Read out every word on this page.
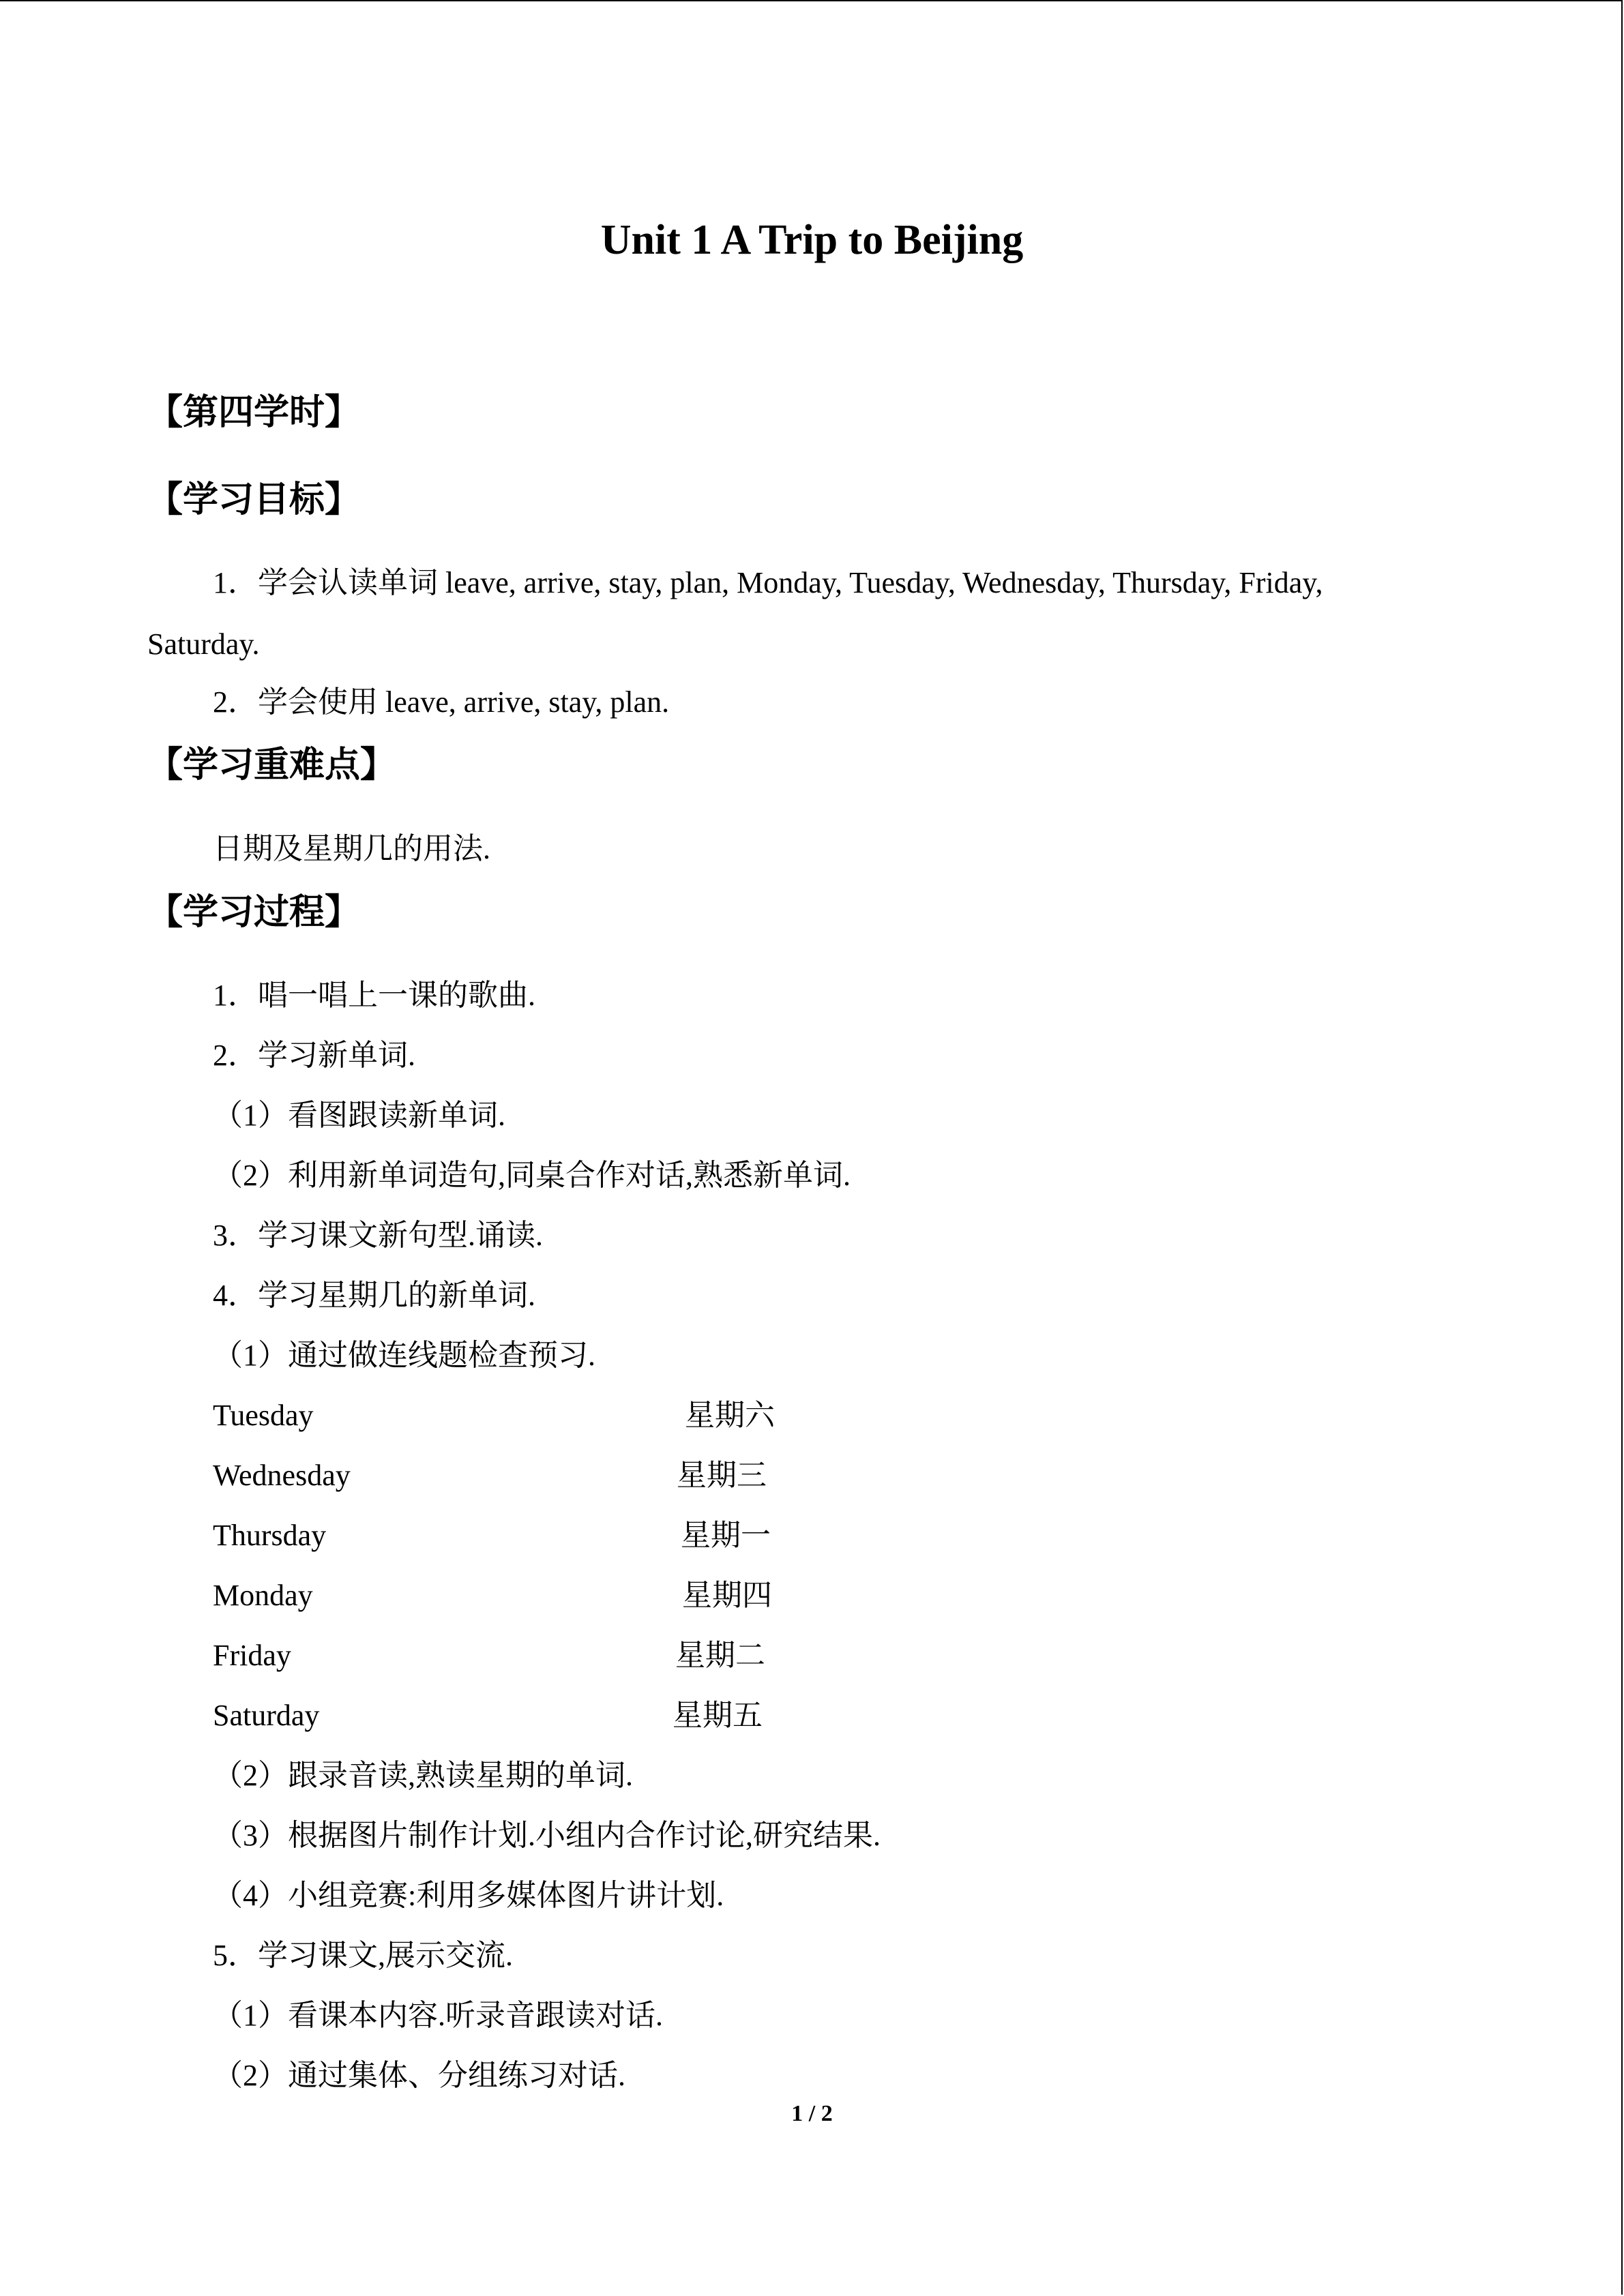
Unit 1 A Trip to Beijing
【第四学时】
【学习目标】
1．学会认读单词 leave, arrive, stay, plan, Monday, Tuesday, Wednesday, Thursday, Friday,
Saturday.
2．学会使用 leave, arrive, stay, plan.
【学习重难点】
日期及星期几的用法.
【学习过程】
1．唱一唱上一课的歌曲.
2．学习新单词.
（1）看图跟读新单词.
（2）利用新单词造句,同桌合作对话,熟悉新单词.
3．学习课文新句型.诵读.
4．学习星期几的新单词.
（1）通过做连线题检查预习.
Tuesday	星期六
Wednesday	星期三
Thursday	星期一
Monday	星期四
Friday	星期二
Saturday	星期五
（2）跟录音读,熟读星期的单词.
（3）根据图片制作计划.小组内合作讨论,研究结果.
（4）小组竞赛:利用多媒体图片讲计划.
5．学习课文,展示交流.
（1）看课本内容.听录音跟读对话.
（2）通过集体、分组练习对话.
1 / 2
